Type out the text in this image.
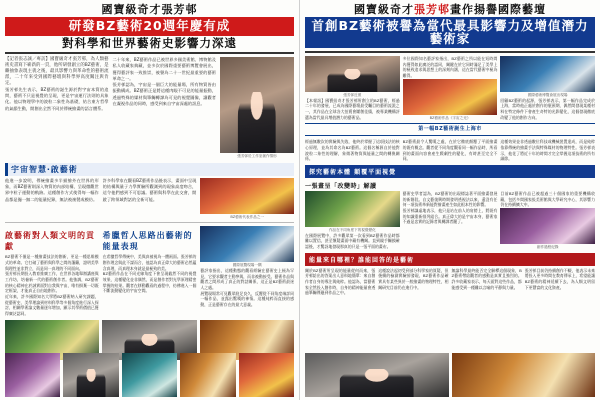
國寶級奇才張芳邨
研發BZ藝術20週年慶有成
對科學和世界藝術史影響力深遠
【記者張志誠／專訪】國寶級奇才張芳邨，為人類藝術史書寫下嶄新的一頁，他所研發創立的BZ藝術，是繼抽象表現主義之後，最具影響力與革命性的藝術流派，二十年來受到國際藝壇與科學界高度關注與肯定。
張芳邨先生表示，BZ藝術的誕生源於對宇宙本質的追問，藝術不只是視覺的呈現，更是宇宙運行法則的具象化。他以物理學中的波粒二象性為基礎，結合東方哲學的氣韻生動，開創出全然不同於傳統繪畫的語言體系。
二十年來，BZ藝術作品已被世界多國美術館、博物館及私人收藏家典藏，並多次於國際重要藝術博覽會展出，獲得藝評家一致推崇，被譽為二十一世紀最重要的藝術革命之一。
張芳邨認為，宇宙是一個巨大的能量場，所有物質皆由振動構成。BZ藝術正是將這種肉眼不可見的能量振動，透過特殊的媒材與筆觸轉譯為可見的視覺圖像，讓觀者在凝視作品的同時，感受到來自宇宙深處的訊息。
張芳邨於工作室創作情形
宇宙智慧‧啟藝術
他進一步說明，傳統繪畫多半描繪外在世界的形象，而BZ藝術則深入物質的內部結構，呈現微觀世界中粒子運動的軌跡。這種創作方式使得每一幅作品都是獨一無二的能量紀錄，無法被複製或模仿。
許多科學家在觀看BZ藝術作品後表示，畫面中呈現的結構與量子力學實驗所觀測到的現象高度吻合，這令他們感到不可思議。藝術與科學在此交會，開啟了跨領域對話的全新可能。
BZ藝術代表作品之一
啟藝術對人類文明的貢獻
BZ藝術不僅是一種繪畫技法的創新，更是一種思維模式的革命。它打破了藝術與科學之間的藩籬，證明美學與理性並非對立，而是同一真理的不同面向。
張芳邨長期投入教育推廣工作，在世界各地舉辦講座與工作坊，培養新一代的藝術創作者。他強調，BZ藝術的核心精神在於誠實面對自我與宇宙，唯有摒棄一切既定框架，才能真正自由地創作。
近年來，許多國際知名大學將BZ藝術納入研究課題，從藝術史、美學理論到材料科學等多個角度進行深入探討，相關學術論文數量逐年增加，顯示其學術價值已獲得廣泛認同。
希臘哲人思路出藝術的能量表現
在希臘哲學傳統中，美與真被視為一體兩面。張芳邨的創作理念與此不謀而合，他認為真正偉大的藝術必然蘊含真理，而真理本身就是最極致的美。
BZ藝術作品在不同光線角度下會呈現截然不同的視覺效果，這種變化並非偶然，而是創作者對光學原理精密掌握的結果。觀者在移動觀看的過程中，彷彿進入一個不斷流動變化的宇宙空間。
國際展覽現場一隅
藝評家指出，這種動態的觀看經驗在藝術史上極為罕見，它要求觀者主動參與，而非被動接受。藝術作品與觀者之間形成了真正的對話關係，這正是BZ藝術最迷人之處。
展覽現場常可見觀眾駐足良久，反覆從不同角度端詳同一幅作品，並露出驚嘆的神情。這種純粹而直接的感動，正是藝術存在的最大意義。
國寶級奇才張芳邨畫作揚譽國際藝壇
首創BZ藝術被譽為當代最具影響力及增值潛力藝術家
張芳邨近照
【本報訊】國寶級奇才張芳邨所創立的BZ藝術，經過二十年的發展，已成為國際藝壇最受矚目的藝術流派之一，其作品在全球各大拍賣會屢創佳績，被專業機構評選為當代最具增值潛力的藝術品。
多位國際知名藝評家指出，BZ藝術之所以能在短時間內獲得如此廣泛的認同，關鍵在於它同時滿足了美學上的極致追求與思想上的深刻內涵，這在當代藝術中極為難得。
BZ藝術作品《宇宙之光》
國際藝術博覽會展出現場
回顧BZ藝術的起源，張芳邨表示，第一幅作品完成於上海，當時他正處於創作的瓶頸期，偶然間發現某種材料在特定條件下會產生奇特的光影變化，這個發現徹底改變了他的創作方向。
第一幅BZ藝術誕生上海市
經過無數次的實驗與失敗，他終於掌握了這項技法的核心原理，並為其命名為BZ藝術。這個名稱源自於他對波粒二象性的理解，象徵著物質與能量之間的轉換關係。
BZ藝術最令人驚嘆之處，在於它徹底顛覆了平面繪畫的既有概念。觀者從不同角度觀看同一幅作品時，所看到的畫面內容會產生戲劇性的變化，有時甚至完全不同。
這種效果並非透過數位科技或機械裝置達成，而是純粹依靠傳統的繪畫手法與特殊媒材的物理特性。張芳邨表示，他花了將近十年的時間才完全掌握這項技術的所有細節。
探究藝術本體 顛覆平面視覺
一張畫呈「改變時」解讀
作品在不同角度下的視覺變化
在國際展覽中，許多觀眾第一次看到BZ藝術作品時都難以置信，甚至懷疑畫面中藏有機關。直到親手觸摸確認後，才驚訝地發現那真的只是一張平面的畫布。
藝術史學者認為，BZ藝術的出現標誌著平面繪畫發展的新階段。自文藝復興時期發明透視法以來，還沒有任何一項技術革新能對繪畫產生如此根本性的影響。
張芳邨謙虛地表示，他只是站在前人的肩膀上，將既有的知識重新排列組合。真正偉大的是宇宙本身，藝術家不過是忠實的記錄者與轉譯者罷了。
目前BZ藝術作品已被超過三十個國家的重要機構收藏，包括多間國家級美術館與大學研究中心，其影響力仍在持續擴大中。
創作過程紀錄
能量來自哪裡？誰能回答的是藝術
關於BZ藝術所呈現的能量從何而來，張芳邨給出的答案出人意料地簡單：來自創作者自身的專注與純粹。他認為，當藝術家全然投入創作時，自身的精神能量會透過筆觸傳遞到作品之中。
這種說法起初受到部分科學家的質疑，但後續的檢測實驗卻發現，BZ藝術作品確實具有某些異於一般繪畫的物理特性，相關研究目前仍在進行中。
無論科學最終能否完全解釋這個現象，BZ藝術帶給觀者的感動是真實且強烈的。許多收藏家表示，每天面對這些作品，都能感受到一種難以言喻的平靜與力量。
張芳邨目前仍持續創作不輟，他表示未來將投入更多時間在教育傳承上，希望能讓BZ藝術的精神延續下去，為人類文明留下更豐富的文化資產。
